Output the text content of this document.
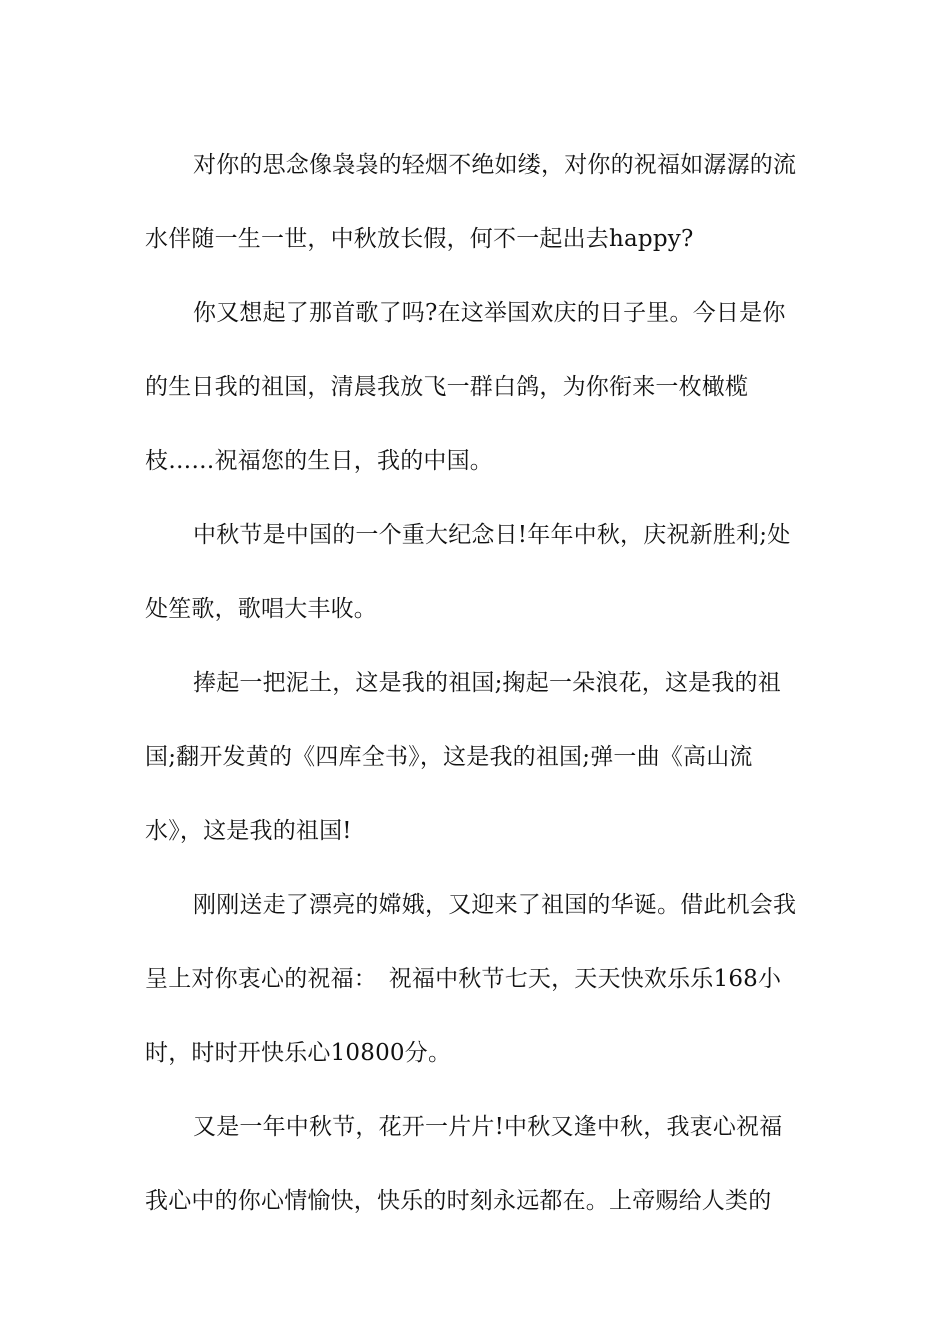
对你的思念像袅袅的轻烟不绝如缕，对你的祝福如潺潺的流水伴随一生一世，中秋放长假，何不一起出去happy?

你又想起了那首歌了吗?在这举国欢庆的日子里。今日是你的生日我的祖国，清晨我放飞一群白鸽，为你衔来一枚橄榄枝……祝福您的生日，我的中国。

中秋节是中国的一个重大纪念日!年年中秋，庆祝新胜利;处处笙歌，歌唱大丰收。

捧起一把泥土，这是我的祖国;掬起一朵浪花，这是我的祖国;翻开发黄的《四库全书》，这是我的祖国;弹一曲《高山流水》，这是我的祖国!

刚刚送走了漂亮的嫦娥，又迎来了祖国的华诞。借此机会我呈上对你衷心的祝福：　祝福中秋节七天，天天快欢乐乐168小时，时时开快乐心10800分。

又是一年中秋节，花开一片片!中秋又逢中秋，我衷心祝福我心中的你心情愉快，快乐的时刻永远都在。上帝赐给人类的
